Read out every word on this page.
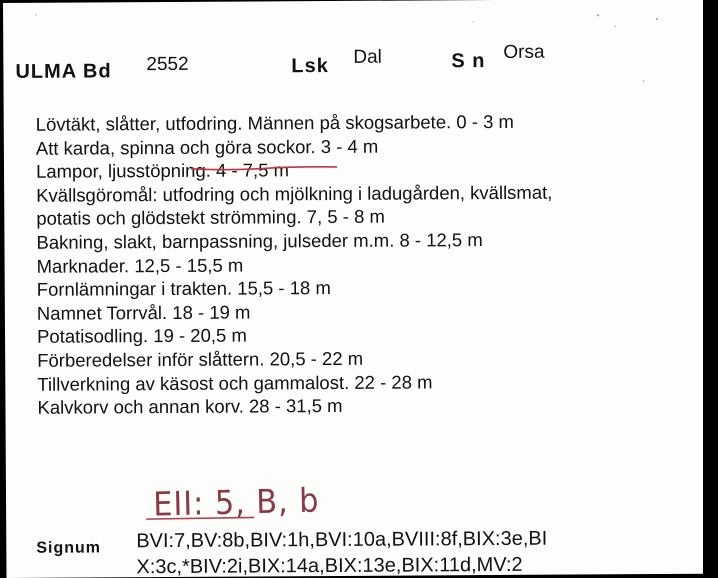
ULMA Bd 2552	Lsk Dal	S n Orsa
Lövtäkt, slåtter, utfodring. Männen på skogsarbete. 0 - 3 m
Att karda, spinna och göra sockor. 3 - 4 m
Lampor, ljusstöpning. 4 - 7,5 m
Kvällsgöromål: utfodring och mjölkning i ladugården, kvällsmat,
potatis och glödstekt strömming. 7, 5 - 8 m
Bakning, slakt, barnpassning, julseder m.m. 8 - 12,5 m
Marknader. 12,5 - 15,5 m
Fornlämningar i trakten. 15,5 - 18 m
Namnet Torrvål. 18 - 19 m
Potatisodling. 19 - 20,5 m
Förberedelser inför slåttern. 20,5 - 22 m
Tillverkning av käsost och gammalost. 22 - 28 m
Kalvkorv och annan korv. 28 - 31,5 m
EII: 5, B, b
Signum BVI:7,BV:8b,BIV:1h,BVI:10a,BVIII:8f,BIX:3e,BI
X:3c,*BIV:2i,BIX:14a,BIX:13e,BIX:11d,MV:2
